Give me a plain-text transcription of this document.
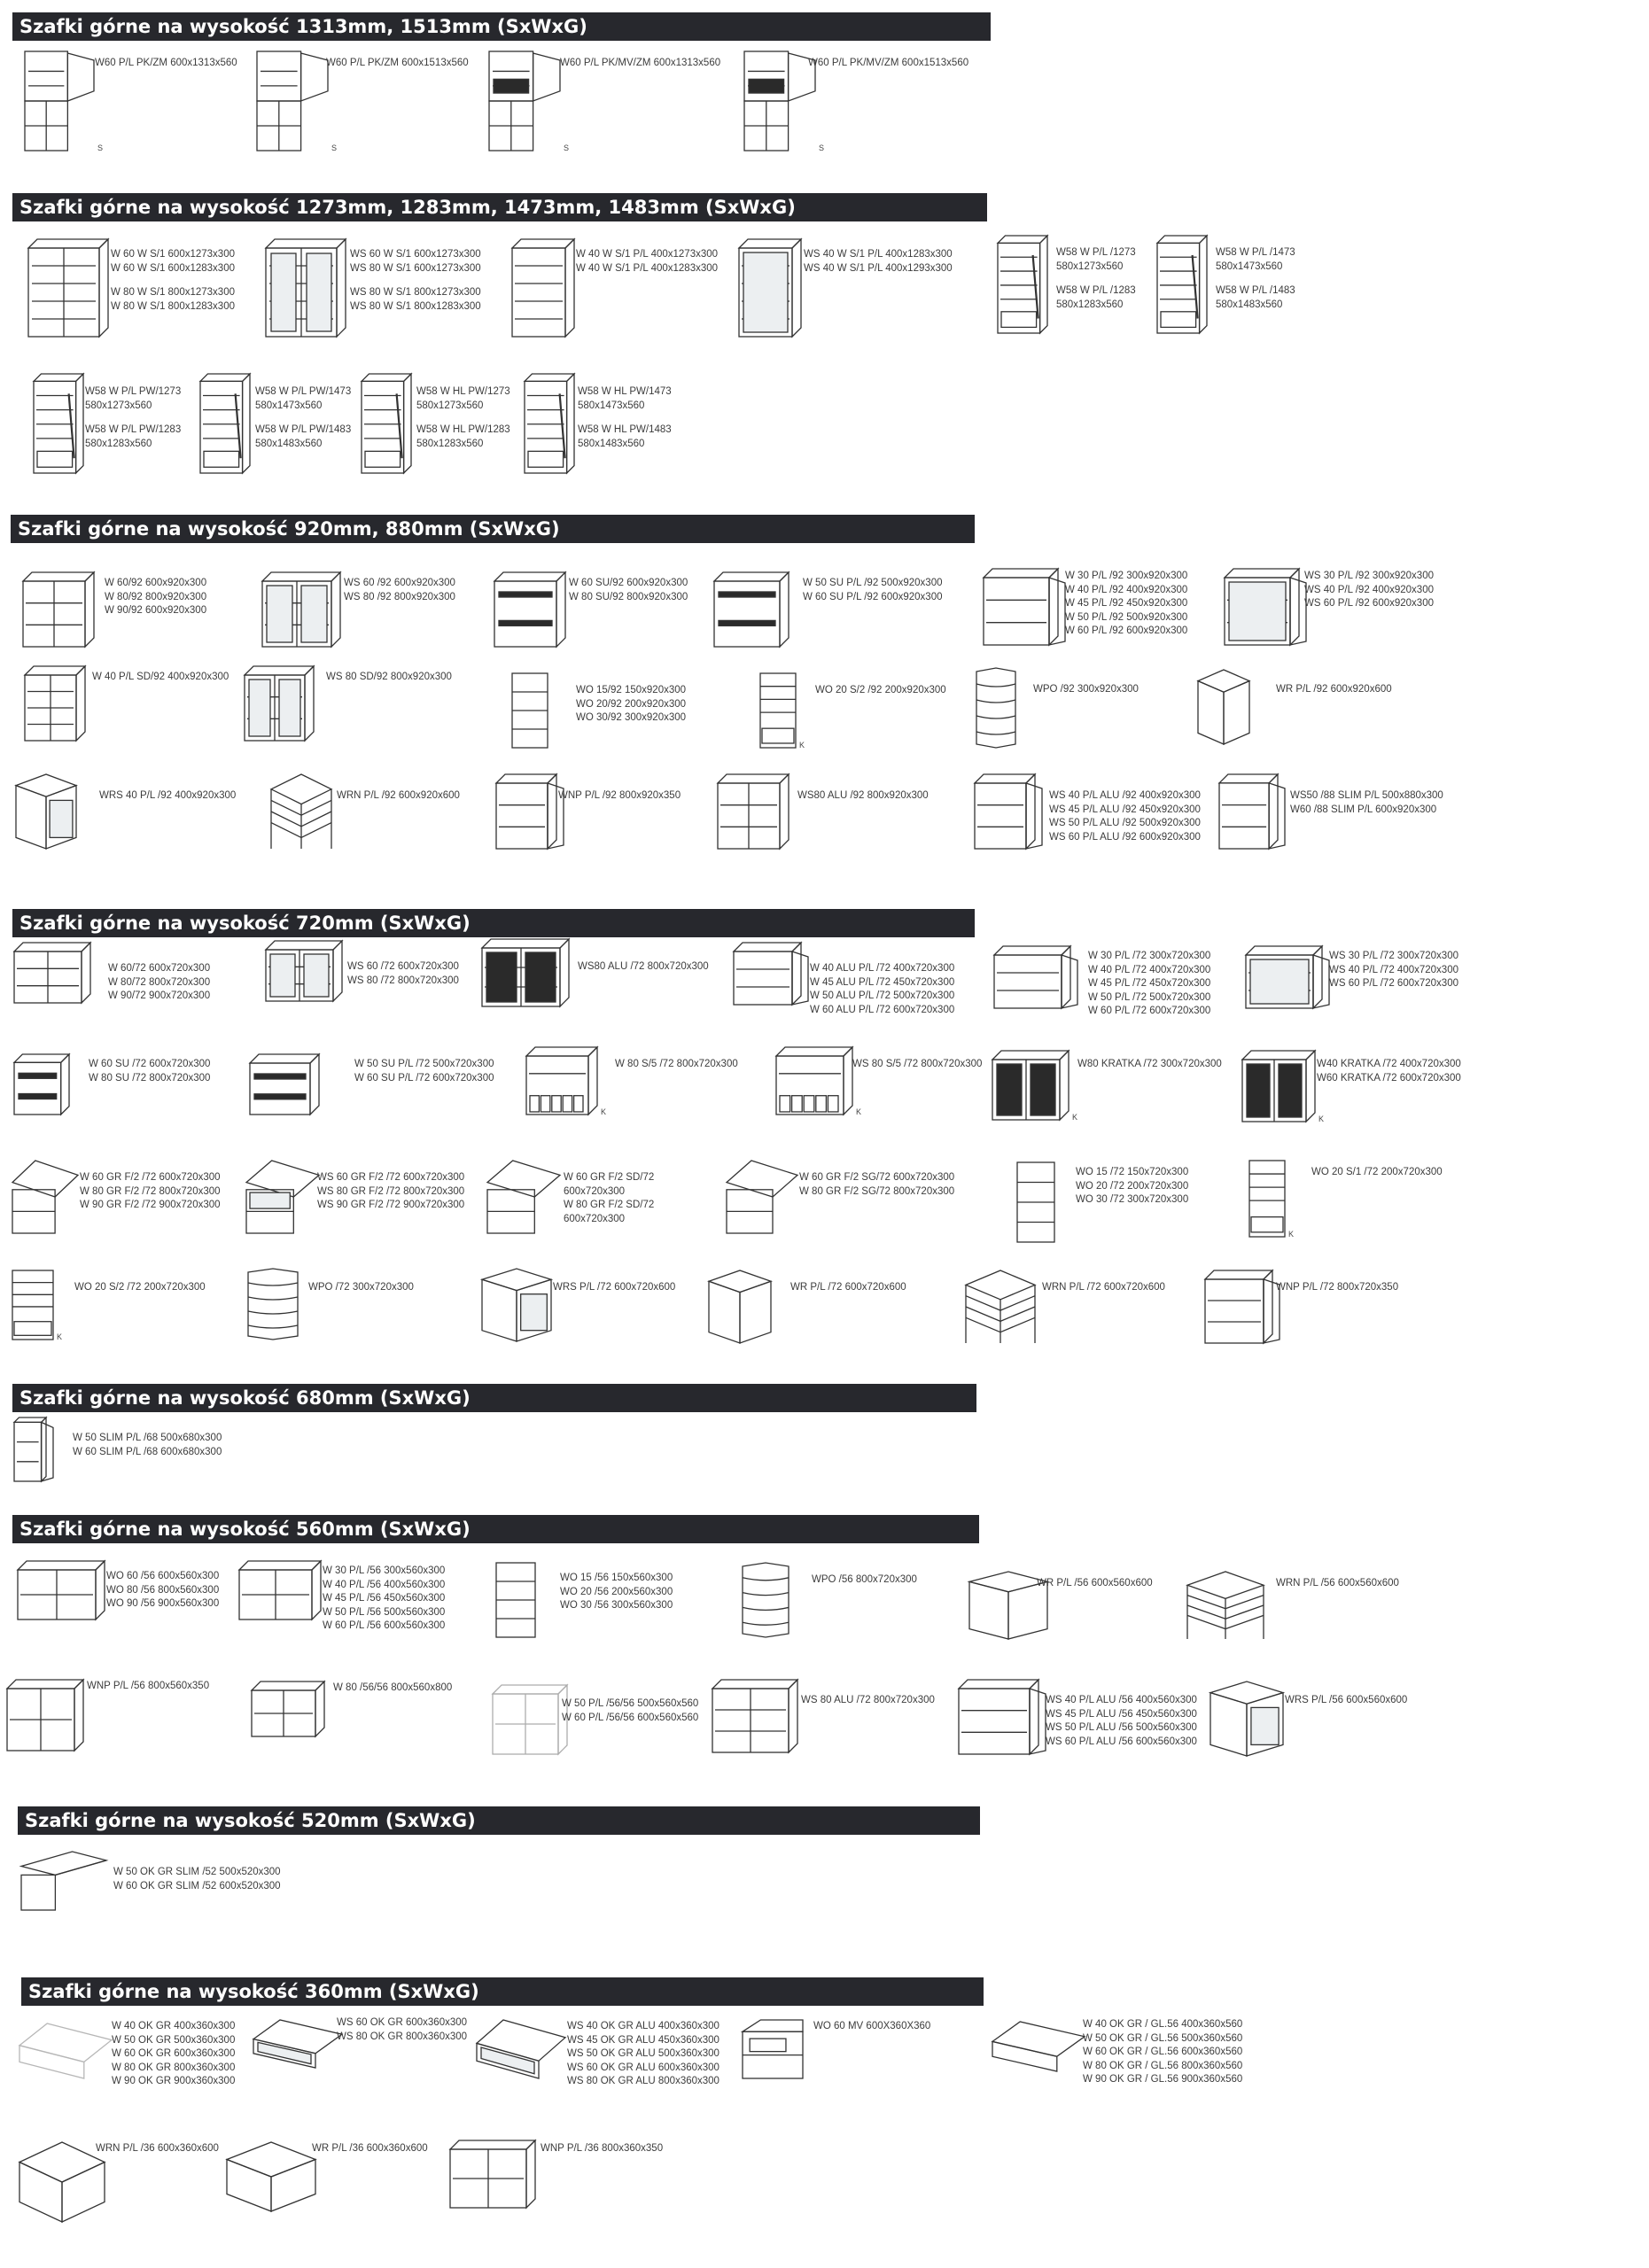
Szafki górne na wysokość 1313mm, 1513mm (SxWxG)
S
W60 P/L PK/ZM 600x1313x560
S
W60 P/L PK/ZM 600x1513x560
S
W60 P/L PK/MV/ZM 600x1313x560
S
W60 P/L PK/MV/ZM 600x1513x560
Szafki górne na wysokość 1273mm, 1283mm, 1473mm, 1483mm (SxWxG)
W 60 W S/1 600x1273x300
W 60 W S/1 600x1283x300
W 80 W S/1 800x1273x300
W 80 W S/1 800x1283x300
WS 60 W S/1 600x1273x300
WS 80 W S/1 600x1273x300
WS 80 W S/1 800x1273x300
WS 80 W S/1 800x1283x300
W 40 W S/1 P/L 400x1273x300
W 40 W S/1 P/L 400x1283x300
WS 40 W S/1 P/L 400x1283x300
WS 40 W S/1 P/L 400x1293x300
W58 W P/L /1273
580x1273x560
W58 W P/L /1283
580x1283x560
W58 W P/L /1473
580x1473x560
W58 W P/L /1483
580x1483x560
W58 W P/L PW/1273
580x1273x560
W58 W P/L PW/1283
580x1283x560
W58 W P/L PW/1473
580x1473x560
W58 W P/L PW/1483
580x1483x560
W58 W HL PW/1273
580x1273x560
W58 W HL PW/1283
580x1283x560
W58 W HL PW/1473
580x1473x560
W58 W HL PW/1483
580x1483x560
Szafki górne na wysokość 920mm, 880mm (SxWxG)
W 60/92 600x920x300
W 80/92 800x920x300
W 90/92 600x920x300
WS 60 /92 600x920x300
WS 80 /92 800x920x300
W 60 SU/92 600x920x300
W 80 SU/92 800x920x300
W 50 SU P/L /92 500x920x300
W 60 SU P/L /92 600x920x300
W 30 P/L /92 300x920x300
W 40 P/L /92 400x920x300
W 45 P/L /92 450x920x300
W 50 P/L /92 500x920x300
W 60 P/L /92 600x920x300
WS 30 P/L /92 300x920x300
WS 40 P/L /92 400x920x300
WS 60 P/L /92 600x920x300
W 40 P/L SD/92 400x920x300	WS 80 SD/92 800x920x300
WO 15/92 150x920x300
WO 20/92 200x920x300
WO 30/92 300x920x300
K
WO 20 S/2 /92 200x920x300	WPO /92 300x920x300	WR P/L /92 600x920x600
WRS 40 P/L /92 400x920x300	WRN P/L /92 600x920x600	WNP P/L /92 800x920x350	WS80 ALU /92 800x920x300	WS 40 P/L ALU /92 400x920x300
WS 45 P/L ALU /92 450x920x300
WS 50 P/L ALU /92 500x920x300
WS 60 P/L ALU /92 600x920x300
WS50 /88 SLIM P/L 500x880x300
W60 /88 SLIM P/L 600x920x300
Szafki górne na wysokość 720mm (SxWxG)
W 60/72 600x720x300
W 80/72 800x720x300
W 90/72 900x720x300
WS 60 /72 600x720x300
WS 80 /72 800x720x300
WS80 ALU /72 800x720x300	W 40 ALU P/L /72 400x720x300
W 45 ALU P/L /72 450x720x300
W 50 ALU P/L /72 500x720x300
W 60 ALU P/L /72 600x720x300
W 30 P/L /72 300x720x300
W 40 P/L /72 400x720x300
W 45 P/L /72 450x720x300
W 50 P/L /72 500x720x300
W 60 P/L /72 600x720x300
WS 30 P/L /72 300x720x300
WS 40 P/L /72 400x720x300
WS 60 P/L /72 600x720x300
W 60 SU /72 600x720x300
W 80 SU /72 800x720x300
W 50 SU P/L /72 500x720x300
W 60 SU P/L /72 600x720x300
K
W 80 S/5 /72 800x720x300
K
WS 80 S/5 /72 800x720x300
K
W80 KRATKA /72 300x720x300
K
W40 KRATKA /72 400x720x300
W60 KRATKA /72 600x720x300
W 60 GR F/2 /72 600x720x300
W 80 GR F/2 /72 800x720x300
W 90 GR F/2 /72 900x720x300
WS 60 GR F/2 /72 600x720x300
WS 80 GR F/2 /72 800x720x300
WS 90 GR F/2 /72 900x720x300
W 60 GR F/2 SD/72
600x720x300
W 80 GR F/2 SD/72
600x720x300
W 60 GR F/2 SG/72 600x720x300
W 80 GR F/2 SG/72 800x720x300
WO 15 /72 150x720x300
WO 20 /72 200x720x300
WO 30 /72 300x720x300
K
WO 20 S/1 /72 200x720x300
K
WO 20 S/2 /72 200x720x300	WPO /72 300x720x300	WRS P/L /72 600x720x600	WR P/L /72 600x720x600	WRN P/L /72 600x720x600	WNP P/L /72 800x720x350
Szafki górne na wysokość 680mm (SxWxG)
W 50 SLIM P/L /68 500x680x300
W 60 SLIM P/L /68 600x680x300
Szafki górne na wysokość 560mm (SxWxG)
WO 60 /56 600x560x300
WO 80 /56 800x560x300
WO 90 /56 900x560x300
W 30 P/L /56 300x560x300
W 40 P/L /56 400x560x300
W 45 P/L /56 450x560x300
W 50 P/L /56 500x560x300
W 60 P/L /56 600x560x300
WO 15 /56 150x560x300
WO 20 /56 200x560x300
WO 30 /56 300x560x300
WPO /56 800x720x300	WR P/L /56 600x560x600	WRN P/L /56 600x560x600
WNP P/L /56 800x560x350	W 80 /56/56 800x560x800
W 50 P/L /56/56 500x560x560
W 60 P/L /56/56 600x560x560
WS 80 ALU /72 800x720x300	WS 40 P/L ALU /56 400x560x300
WS 45 P/L ALU /56 450x560x300
WS 50 P/L ALU /56 500x560x300
WS 60 P/L ALU /56 600x560x300
WRS P/L /56 600x560x600
Szafki górne na wysokość 520mm (SxWxG)
W 50 OK GR SLIM /52 500x520x300
W 60 OK GR SLIM /52 600x520x300
Szafki górne na wysokość 360mm (SxWxG)
W 40 OK GR 400x360x300
W 50 OK GR 500x360x300
W 60 OK GR 600x360x300
W 80 OK GR 800x360x300
W 90 OK GR 900x360x300
WS 60 OK GR 600x360x300
WS 80 OK GR 800x360x300
WS 40 OK GR ALU 400x360x300
WS 45 OK GR ALU 450x360x300
WS 50 OK GR ALU 500x360x300
WS 60 OK GR ALU 600x360x300
WS 80 OK GR ALU 800x360x300
WO 60 MV 600X360X360	W 40 OK GR / GL.56 400x360x560
W 50 OK GR / GL.56 500x360x560
W 60 OK GR / GL.56 600x360x560
W 80 OK GR / GL.56 800x360x560
W 90 OK GR / GL.56 900x360x560
WRN P/L /36 600x360x600	WR P/L /36 600x360x600	WNP P/L /36 800x360x350
